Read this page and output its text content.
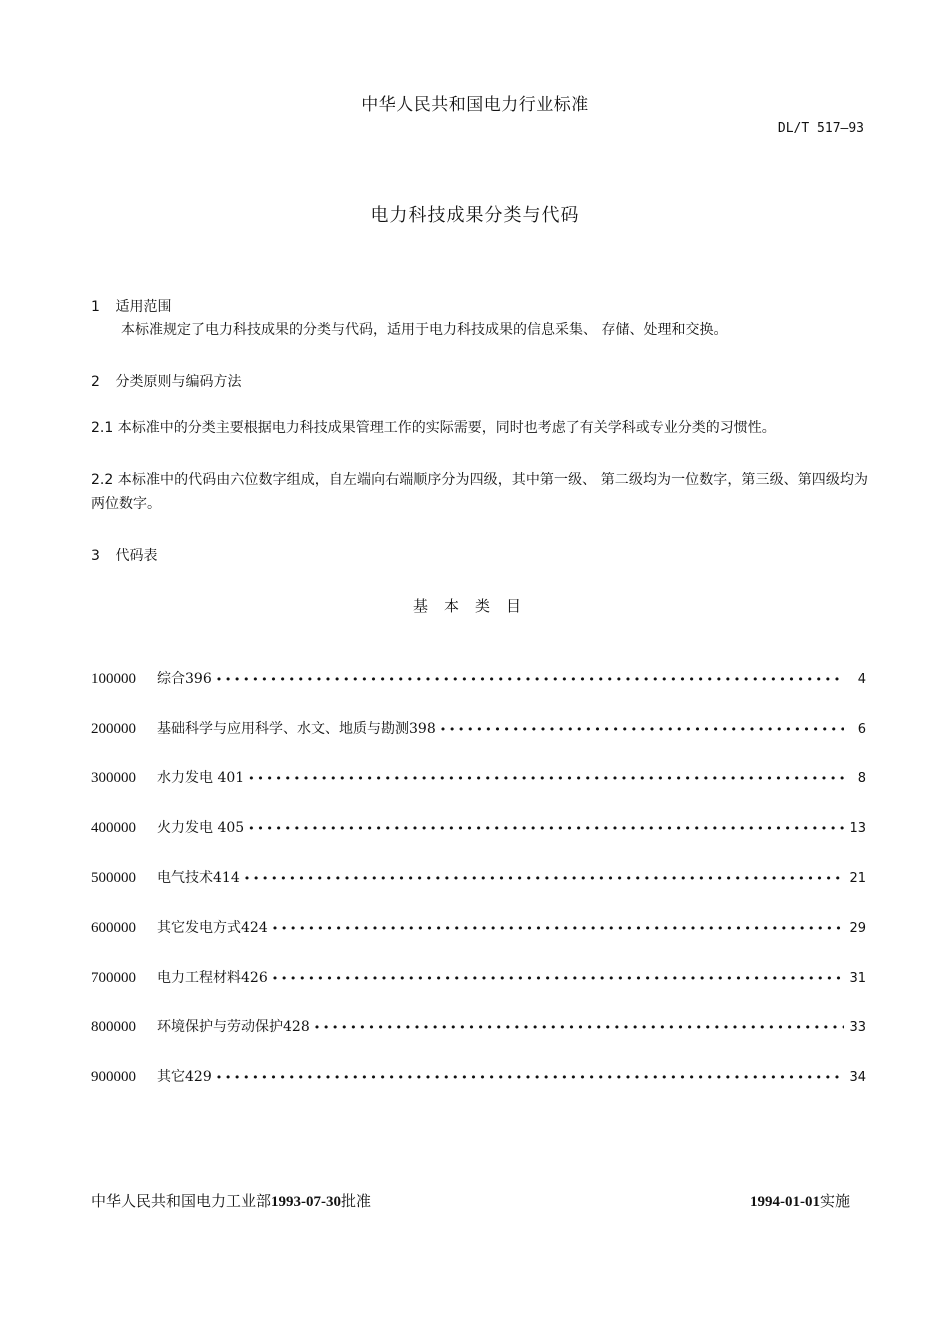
中华人民共和国电力行业标准
DL/T 517—93
电力科技成果分类与代码
1 适用范围
本标准规定了电力科技成果的分类与代码，适用于电力科技成果的信息采集、 存储、处理和交换。
2 分类原则与编码方法
2.1 本标准中的分类主要根据电力科技成果管理工作的实际需要，同时也考虑了有关学科或专业分类的习惯性。
2.2 本标准中的代码由六位数字组成，自左端向右端顺序分为四级，其中第一级、 第二级均为一位数字，第三级、第四级均为两位数字。
3 代码表
基本类目
100000	综合396 •••••	4
200000	基础科学与应用科学、水文、地质与勘测398 •••••	6
300000	水力发电 401 •••••	8
400000	火力发电 405 •••••	13
500000	电气技术414 •••••	21
600000	其它发电方式424 •••••	29
700000	电力工程材料426 •••••	31
800000	环境保护与劳动保护428 •••••	33
900000	其它429 •••••	34
中华人民共和国电力工业部1993-07-30批准	1994-01-01实施
